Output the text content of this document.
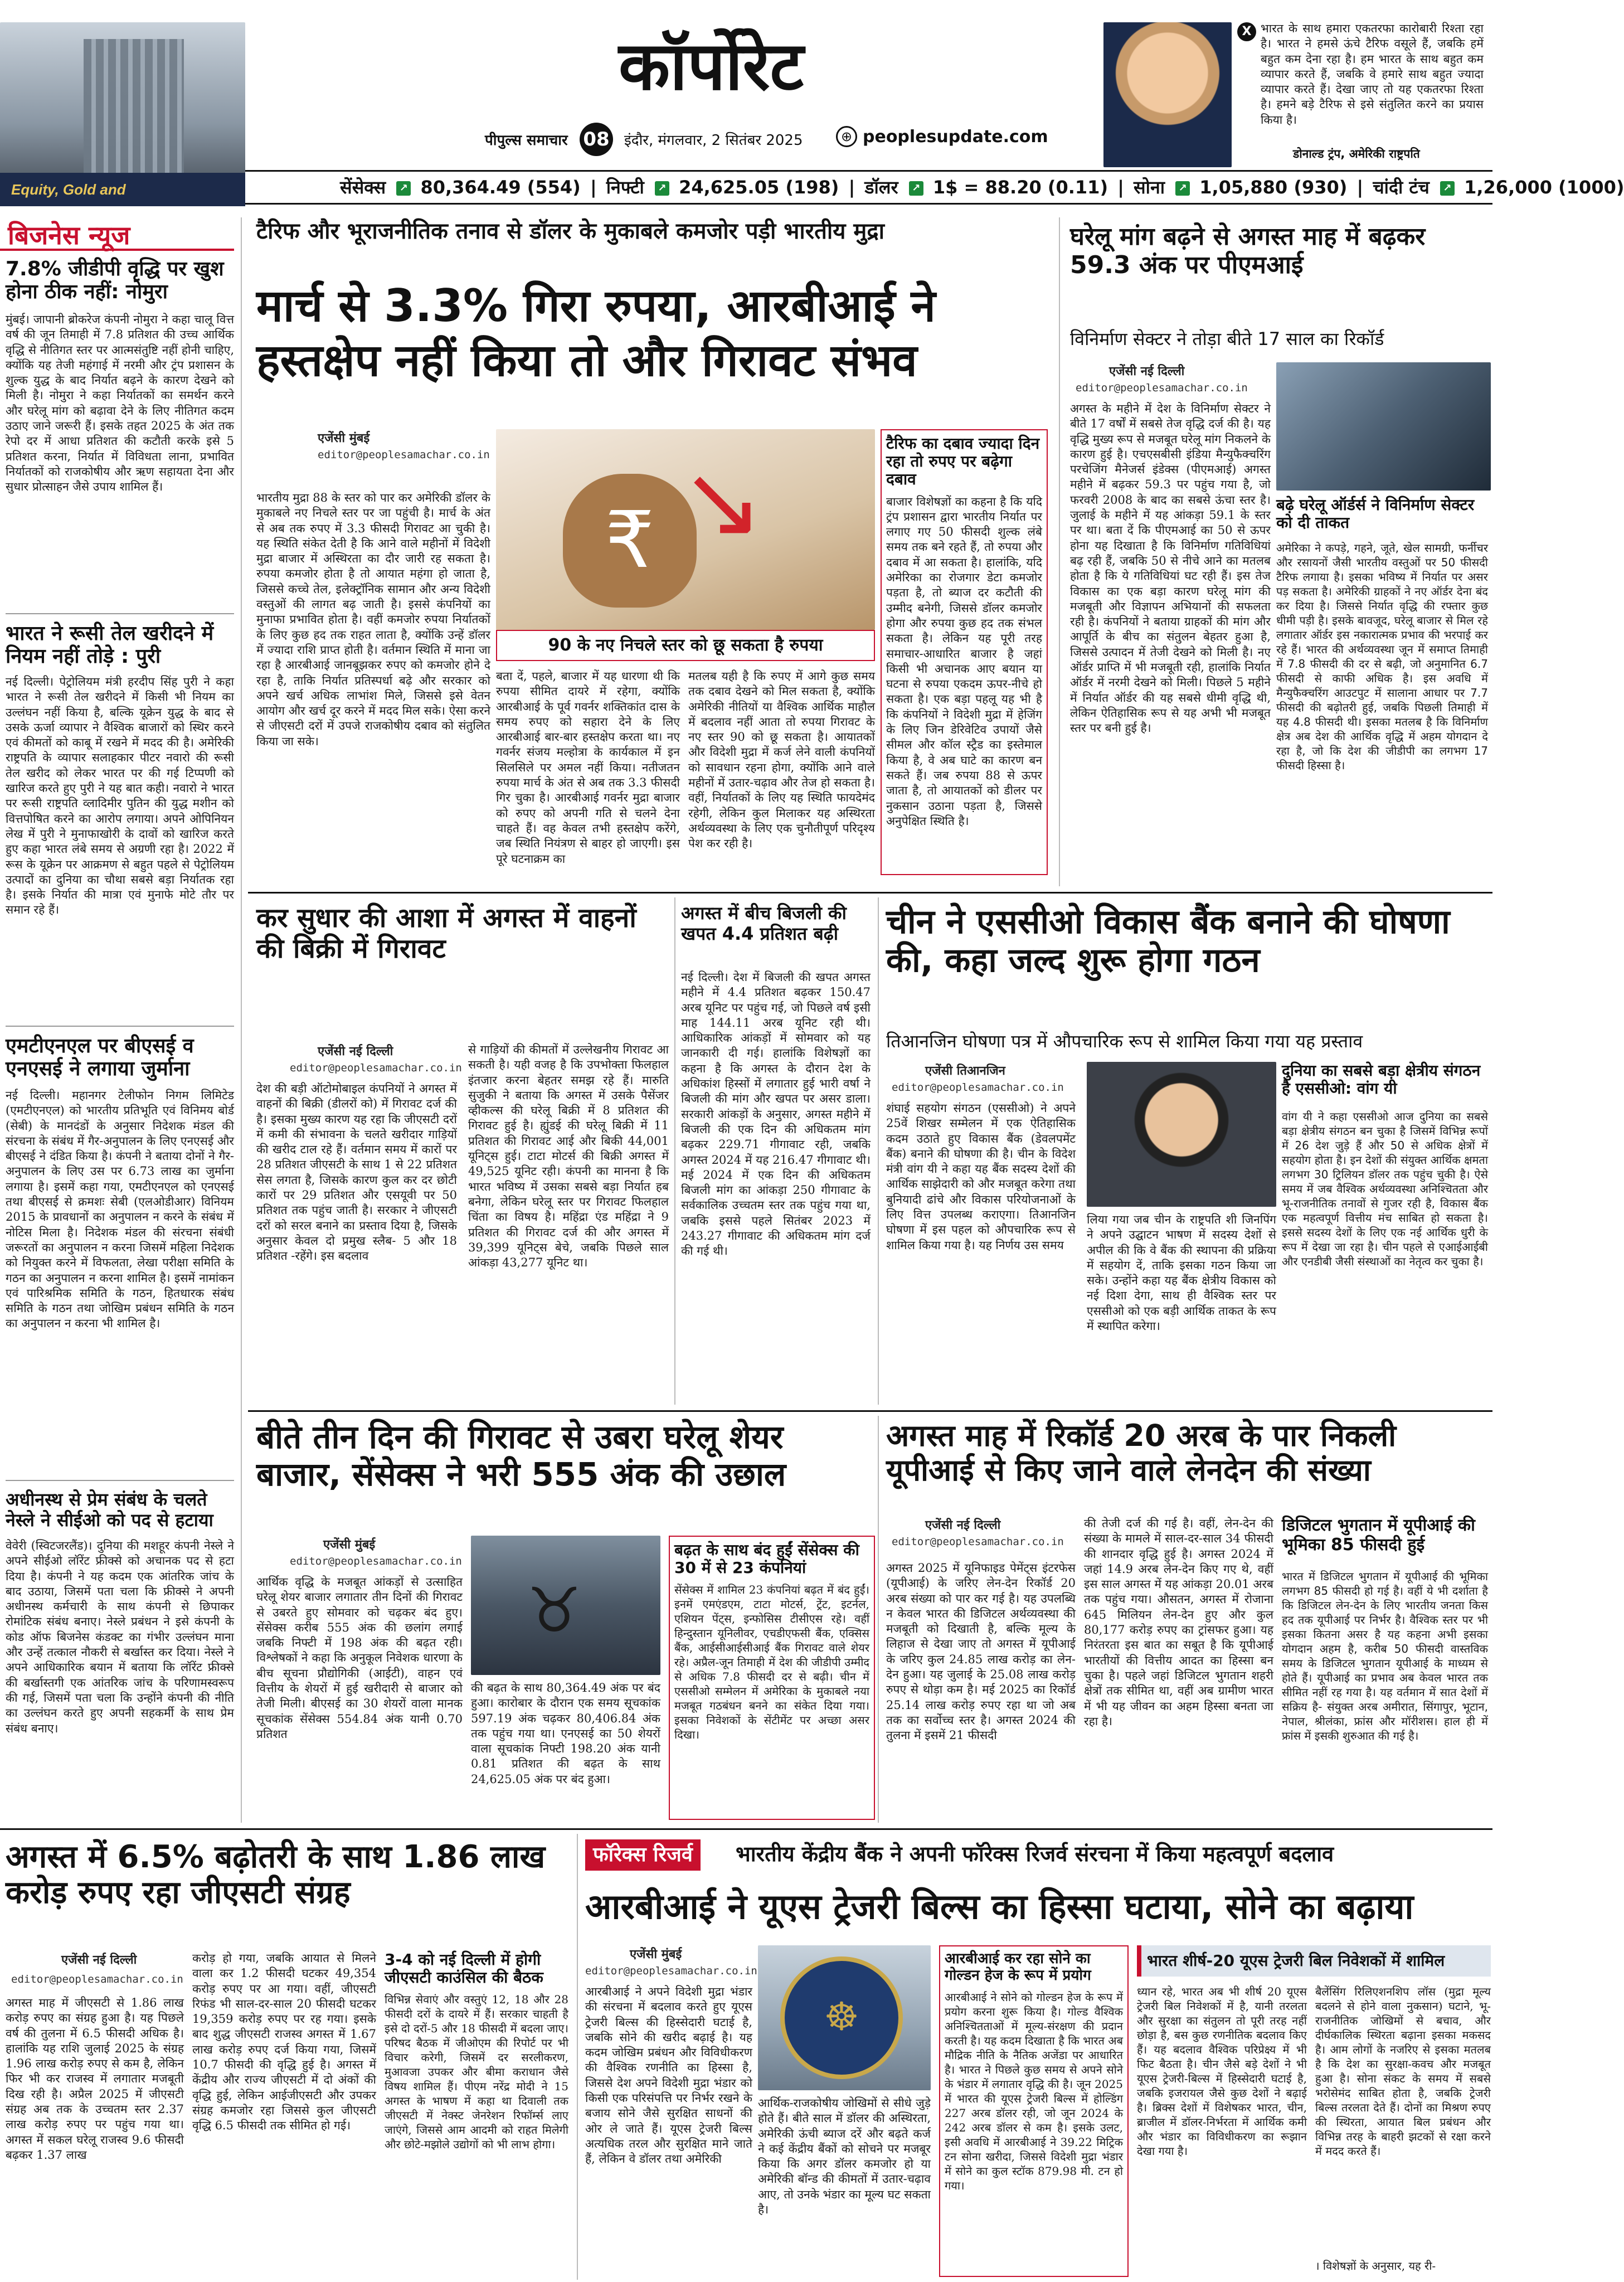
Equity, Gold and
कॉर्पोरेट
पीपुल्स समाचार 08 इंदौर, मंगलवार, 2 सितंबर 2025	⊕ peoplesupdate.com
X भारत के साथ हमारा एकतरफा कारोबारी रिश्ता रहा है। भारत ने हमसे ऊंचे टैरिफ वसूले हैं, जबकि हमें बहुत कम देना रहा है। हम भारत के साथ बहुत कम व्यापार करते हैं, जबकि वे हमारे साथ बहुत ज्यादा व्यापार करते हैं। देखा जाए तो यह एकतरफा रिश्ता है। हमने बड़े टैरिफ से इसे संतुलित करने का प्रयास किया है।
डोनाल्ड ट्रंप, अमेरिकी राष्ट्रपति
सेंसेक्स ↗ 80,364.49 (554) | निफ्टी ↗ 24,625.05 (198) | डॉलर ↗ 1$ = 88.20 (0.11) | सोना ↗ 1,05,880 (930) | चांदी टंच ↗ 1,26,000 (1000)
बिजनेस न्यूज
7.8% जीडीपी वृद्धि पर खुश होना ठीक नहीं: नोमुरा
मुंबई। जापानी ब्रोकरेज कंपनी नोमुरा ने कहा चालू वित्त वर्ष की जून तिमाही में 7.8 प्रतिशत की उच्च आर्थिक वृद्धि से नीतिगत स्तर पर आत्मसंतुष्टि नहीं होनी चाहिए, क्योंकि यह तेजी महंगाई में नरमी और ट्रंप प्रशासन के शुल्क युद्ध के बाद निर्यात बढ़ने के कारण देखने को मिली है। नोमुरा ने कहा निर्यातकों का समर्थन करने और घरेलू मांग को बढ़ावा देने के लिए नीतिगत कदम उठाए जाने जरूरी हैं। इसके तहत 2025 के अंत तक रेपो दर में आधा प्रतिशत की कटौती करके इसे 5 प्रतिशत करना, निर्यात में विविधता लाना, प्रभावित निर्यातकों को राजकोषीय और ऋण सहायता देना और सुधार प्रोत्साहन जैसे उपाय शामिल हैं।
भारत ने रूसी तेल खरीदने में नियम नहीं तोड़े : पुरी
नई दिल्ली। पेट्रोलियम मंत्री हरदीप सिंह पुरी ने कहा भारत ने रूसी तेल खरीदने में किसी भी नियम का उल्लंघन नहीं किया है, बल्कि यूक्रेन युद्ध के बाद से उसके ऊर्जा व्यापार ने वैश्विक बाजारों को स्थिर करने एवं कीमतों को काबू में रखने में मदद की है। अमेरिकी राष्ट्रपति के व्यापार सलाहकार पीटर नवारो की रूसी तेल खरीद को लेकर भारत पर की गई टिप्पणी को खारिज करते हुए पुरी ने यह बात कही। नवारो ने भारत पर रूसी राष्ट्रपति व्लादिमीर पुतिन की युद्ध मशीन को वित्तपोषित करने का आरोप लगाया। अपने ओपिनियन लेख में पुरी ने मुनाफाखोरी के दावों को खारिज करते हुए कहा भारत लंबे समय से अग्रणी रहा है। 2022 में रूस के यूक्रेन पर आक्रमण से बहुत पहले से पेट्रोलियम उत्पादों का दुनिया का चौथा सबसे बड़ा निर्यातक रहा है। इसके निर्यात की मात्रा एवं मुनाफे मोटे तौर पर समान रहे हैं।
एमटीएनएल पर बीएसई व एनएसई ने लगाया जुर्माना
नई दिल्ली। महानगर टेलीफोन निगम लिमिटेड (एमटीएनएल) को भारतीय प्रतिभूति एवं विनिमय बोर्ड (सेबी) के मानदंडों के अनुसार निदेशक मंडल की संरचना के संबंध में गैर-अनुपालन के लिए एनएसई और बीएसई ने दंडित किया है। कंपनी ने बताया दोनों ने गैर-अनुपालन के लिए उस पर 6.73 लाख का जुर्माना लगाया है। इसमें कहा गया, एमटीएनएल को एनएसई तथा बीएसई से क्रमशः सेबी (एलओडीआर) विनियम 2015 के प्रावधानों का अनुपालन न करने के संबंध में नोटिस मिला है। निदेशक मंडल की संरचना संबंधी जरूरतों का अनुपालन न करना जिसमें महिला निदेशक को नियुक्त करने में विफलता, लेखा परीक्षा समिति के गठन का अनुपालन न करना शामिल है। इसमें नामांकन एवं पारिश्रमिक समिति के गठन, हितधारक संबंध समिति के गठन तथा जोखिम प्रबंधन समिति के गठन का अनुपालन न करना भी शामिल है।
अधीनस्थ से प्रेम संबंध के चलते नेस्ले ने सीईओ को पद से हटाया
वेवेरी (स्विटजरलैंड)। दुनिया की मशहूर कंपनी नेस्ले ने अपने सीईओ लॉरेंट फ्रीक्से को अचानक पद से हटा दिया है। कंपनी ने यह कदम एक आंतरिक जांच के बाद उठाया, जिसमें पता चला कि फ्रीक्से ने अपनी अधीनस्थ कर्मचारी के साथ कंपनी से छिपाकर रोमांटिक संबंध बनाए। नेस्ले प्रबंधन ने इसे कंपनी के कोड ऑफ बिजनेस कंडक्ट का गंभीर उल्लंघन माना और उन्हें तत्काल नौकरी से बर्खास्त कर दिया। नेस्ले ने अपने आधिकारिक बयान में बताया कि लॉरेंट फ्रीक्से की बर्खास्तगी एक आंतरिक जांच के परिणामस्वरूप की गई, जिसमें पता चला कि उन्होंने कंपनी की नीति का उल्लंघन करते हुए अपनी सहकर्मी के साथ प्रेम संबंध बनाए।
टैरिफ और भूराजनीतिक तनाव से डॉलर के मुकाबले कमजोर पड़ी भारतीय मुद्रा
मार्च से 3.3% गिरा रुपया, आरबीआई ने हस्तक्षेप नहीं किया तो और गिरावट संभव
एजेंसी मुंबई
editor@peoplesamachar.co.in
भारतीय मुद्रा 88 के स्तर को पार कर अमेरिकी डॉलर के मुकाबले नए निचले स्तर पर जा पहुंची है। मार्च के अंत से अब तक रुपए में 3.3 फीसदी गिरावट आ चुकी है। यह स्थिति संकेत देती है कि आने वाले महीनों में विदेशी मुद्रा बाजार में अस्थिरता का दौर जारी रह सकता है। रुपया कमजोर होता है तो आयात महंगा हो जाता है, जिससे कच्चे तेल, इलेक्ट्रॉनिक सामान और अन्य विदेशी वस्तुओं की लागत बढ़ जाती है। इससे कंपनियों का मुनाफा प्रभावित होता है। वहीं कमजोर रुपया निर्यातकों के लिए कुछ हद तक राहत लाता है, क्योंकि उन्हें डॉलर में ज्यादा राशि प्राप्त होती है। वर्तमान स्थिति में माना जा रहा है आरबीआई जानबूझकर रुपए को कमजोर होने दे रहा है, ताकि निर्यात प्रतिस्पर्धा बढ़े और सरकार को अपने खर्च अधिक लाभांश मिले, जिससे इसे वेतन आयोग और खर्च दूर करने में मदद मिल सके। ऐसा करने से जीएसटी दरों में उपजे राजकोषीय दबाव को संतुलित किया जा सके।
₹ ↘
90 के नए निचले स्तर को छू सकता है रुपया
बता दें, पहले, बाजार में यह धारणा थी कि रुपया सीमित दायरे में रहेगा, क्योंकि आरबीआई के पूर्व गवर्नर शक्तिकांत दास के समय रुपए को सहारा देने के लिए आरबीआई बार-बार हस्तक्षेप करता था। नए गवर्नर संजय मल्होत्रा के कार्यकाल में इन सिलसिले पर अमल नहीं किया। नतीजतन रुपया मार्च के अंत से अब तक 3.3 फीसदी गिर चुका है। आरबीआई गवर्नर मुद्रा बाजार को रुपए को अपनी गति से चलने देना चाहते हैं। वह केवल तभी हस्तक्षेप करेंगे, जब स्थिति नियंत्रण से बाहर हो जाएगी। इस पूरे घटनाक्रम का
मतलब यही है कि रुपए में आगे कुछ समय तक दबाव देखने को मिल सकता है, क्योंकि अमेरिकी नीतियों या वैश्विक आर्थिक माहौल में बदलाव नहीं आता तो रुपया गिरावट के नए स्तर 90 को छू सकता है। आयातकों और विदेशी मुद्रा में कर्ज लेने वाली कंपनियों को सावधान रहना होगा, क्योंकि आने वाले महीनों में उतार-चढ़ाव और तेज हो सकता है। वहीं, निर्यातकों के लिए यह स्थिति फायदेमंद रहेगी, लेकिन कुल मिलाकर यह अस्थिरता अर्थव्यवस्था के लिए एक चुनौतीपूर्ण परिदृश्य पेश कर रही है।
टैरिफ का दबाव ज्यादा दिन रहा तो रुपए पर बढ़ेगा दबाव
बाजार विशेषज्ञों का कहना है कि यदि ट्रंप प्रशासन द्वारा भारतीय निर्यात पर लगाए गए 50 फीसदी शुल्क लंबे समय तक बने रहते हैं, तो रुपया और दबाव में आ सकता है। हालांकि, यदि अमेरिका का रोजगार डेटा कमजोर पड़ता है, तो ब्याज दर कटौती की उम्मीद बनेगी, जिससे डॉलर कमजोर होगा और रुपया कुछ हद तक संभल सकता है। लेकिन यह पूरी तरह समाचार-आधारित बाजार है जहां किसी भी अचानक आए बयान या घटना से रुपया एकदम ऊपर-नीचे हो सकता है। एक बड़ा पहलू यह भी है कि कंपनियों ने विदेशी मुद्रा में हेजिंग के लिए जिन डेरिवेटिव उपायों जैसे सीमल और कॉल स्ट्रैड का इस्तेमाल किया है, वे अब घाटे का कारण बन सकते हैं। जब रुपया 88 से ऊपर जाता है, तो आयातकों को डीलर पर नुकसान उठाना पड़ता है, जिससे अनुपेक्षित स्थिति है।
घरेलू मांग बढ़ने से अगस्त माह में बढ़कर 59.3 अंक पर पीएमआई
विनिर्माण सेक्टर ने तोड़ा बीते 17 साल का रिकॉर्ड
एजेंसी नई दिल्ली
editor@peoplesamachar.co.in
अगस्त के महीने में देश के विनिर्माण सेक्टर ने बीते 17 वर्षों में सबसे तेज वृद्धि दर्ज की है। यह वृद्धि मुख्य रूप से मजबूत घरेलू मांग निकलने के कारण हुई है। एचएसबीसी इंडिया मैन्युफैक्चरिंग परचेजिंग मैनेजर्स इंडेक्स (पीएमआई) अगस्त महीने में बढ़कर 59.3 पर पहुंच गया है, जो फरवरी 2008 के बाद का सबसे ऊंचा स्तर है। जुलाई के महीने में यह आंकड़ा 59.1 के स्तर पर था। बता दें कि पीएमआई का 50 से ऊपर होना यह दिखाता है कि विनिर्माण गतिविधियां बढ़ रही हैं, जबकि 50 से नीचे आने का मतलब होता है कि ये गतिविधियां घट रही हैं। इस तेज विकास का एक बड़ा कारण घरेलू मांग की मजबूती और विज्ञापन अभियानों की सफलता रही है। कंपनियों ने बताया ग्राहकों की मांग और आपूर्ति के बीच का संतुलन बेहतर हुआ है, जिससे उत्पादन में तेजी देखने को मिली है। नए ऑर्डर प्राप्ति में भी मजबूती रही, हालांकि निर्यात ऑर्डर में नरमी देखने को मिली। पिछले 5 महीने में निर्यात ऑर्डर की यह सबसे धीमी वृद्धि थी, लेकिन ऐतिहासिक रूप से यह अभी भी मजबूत स्तर पर बनी हुई है।
बढ़े घरेलू ऑर्डर्स ने विनिर्माण सेक्टर को दी ताकत
अमेरिका ने कपड़े, गहने, जूते, खेल सामग्री, फर्नीचर और रसायनों जैसी भारतीय वस्तुओं पर 50 फीसदी टैरिफ लगाया है। इसका भविष्य में निर्यात पर असर पड़ सकता है। अमेरिकी ग्राहकों ने नए ऑर्डर देना बंद कर दिया है। जिससे निर्यात वृद्धि की रफ्तार कुछ धीमी पड़ी है। इसके बावजूद, घरेलू बाजार से मिल रहे लगातार ऑर्डर इस नकारात्मक प्रभाव की भरपाई कर रहे हैं। भारत की अर्थव्यवस्था जून में समाप्त तिमाही में 7.8 फीसदी की दर से बढ़ी, जो अनुमानित 6.7 फीसदी से काफी अधिक है। इस अवधि में मैन्युफैक्चरिंग आउटपुट में सालाना आधार पर 7.7 फीसदी की बढ़ोतरी हुई, जबकि पिछली तिमाही में यह 4.8 फीसदी थी। इसका मतलब है कि विनिर्माण क्षेत्र अब देश की आर्थिक वृद्धि में अहम योगदान दे रहा है, जो कि देश की जीडीपी का लगभग 17 फीसदी हिस्सा है।
कर सुधार की आशा में अगस्त में वाहनों की बिक्री में गिरावट
एजेंसी नई दिल्ली
editor@peoplesamachar.co.in
देश की बड़ी ऑटोमोबाइल कंपनियों ने अगस्त में वाहनों की बिक्री (डीलरों को) में गिरावट दर्ज की है। इसका मुख्य कारण यह रहा कि जीएसटी दरों में कमी की संभावना के चलते खरीदार गाड़ियों की खरीद टाल रहे हैं। वर्तमान समय में कारों पर 28 प्रतिशत जीएसटी के साथ 1 से 22 प्रतिशत सेस लगता है, जिसके कारण कुल कर दर छोटी कारों पर 29 प्रतिशत और एसयूवी पर 50 प्रतिशत तक पहुंच जाती है। सरकार ने जीएसटी दरों को सरल बनाने का प्रस्ताव दिया है, जिसके अनुसार केवल दो प्रमुख स्लैब- 5 और 18 प्रतिशत -रहेंगे। इस बदलाव
से गाड़ियों की कीमतों में उल्लेखनीय गिरावट आ सकती है। यही वजह है कि उपभोक्ता फिलहाल इंतजार करना बेहतर समझ रहे हैं। मारुति सुजुकी ने बताया कि अगस्त में उसके पैसेंजर व्हीकल्स की घरेलू बिक्री में 8 प्रतिशत की गिरावट हुई है। ह्युंडई की घरेलू बिक्री में 11 प्रतिशत की गिरावट आई और बिकी 44,001 यूनिट्स हुई। टाटा मोटर्स की बिक्री अगस्त में 49,525 यूनिट रही। कंपनी का मानना है कि भारत भविष्य में उसका सबसे बड़ा निर्यात हब बनेगा, लेकिन घरेलू स्तर पर गिरावट फिलहाल चिंता का विषय है। महिंद्रा एंड महिंद्रा ने 9 प्रतिशत की गिरावट दर्ज की और अगस्त में 39,399 यूनिट्स बेचे, जबकि पिछले साल आंकड़ा 43,277 यूनिट था।
अगस्त में बीच बिजली की खपत 4.4 प्रतिशत बढ़ी
नई दिल्ली। देश में बिजली की खपत अगस्त महीने में 4.4 प्रतिशत बढ़कर 150.47 अरब यूनिट पर पहुंच गई, जो पिछले वर्ष इसी माह 144.11 अरब यूनिट रही थी। आधिकारिक आंकड़ों में सोमवार को यह जानकारी दी गई। हालांकि विशेषज्ञों का कहना है कि अगस्त के दौरान देश के अधिकांश हिस्सों में लगातार हुई भारी वर्षा ने बिजली की मांग और खपत पर असर डाला। सरकारी आंकड़ों के अनुसार, अगस्त महीने में बिजली की एक दिन की अधिकतम मांग बढ़कर 229.71 गीगावाट रही, जबकि अगस्त 2024 में यह 216.47 गीगावाट थी। मई 2024 में एक दिन की अधिकतम बिजली मांग का आंकड़ा 250 गीगावाट के सर्वकालिक उच्चतम स्तर तक पहुंच गया था, जबकि इससे पहले सितंबर 2023 में 243.27 गीगावाट की अधिकतम मांग दर्ज की गई थी।
चीन ने एससीओ विकास बैंक बनाने की घोषणा की, कहा जल्द शुरू होगा गठन
तिआनजिन घोषणा पत्र में औपचारिक रूप से शामिल किया गया यह प्रस्ताव
एजेंसी तिआनजिन
editor@peoplesamachar.co.in
शंघाई सहयोग संगठन (एससीओ) ने अपने 25वें शिखर सम्मेलन में एक ऐतिहासिक कदम उठाते हुए विकास बैंक (डेवलपमेंट बैंक) बनाने की घोषणा की है। चीन के विदेश मंत्री वांग यी ने कहा यह बैंक सदस्य देशों की आर्थिक साझेदारी को और मजबूत करेगा तथा बुनियादी ढांचे और विकास परियोजनाओं के लिए वित्त उपलब्ध कराएगा। तिआनजिन घोषणा में इस पहल को औपचारिक रूप से शामिल किया गया है। यह निर्णय उस समय
लिया गया जब चीन के राष्ट्रपति शी जिनपिंग ने अपने उद्घाटन भाषण में सदस्य देशों से अपील की कि वे बैंक की स्थापना की प्रक्रिया में सहयोग दें, ताकि इसका गठन किया जा सके। उन्होंने कहा यह बैंक क्षेत्रीय विकास को नई दिशा देगा, साथ ही वैश्विक स्तर पर एससीओ को एक बड़ी आर्थिक ताकत के रूप में स्थापित करेगा।
दुनिया का सबसे बड़ा क्षेत्रीय संगठन है एससीओ: वांग यी
वांग यी ने कहा एससीओ आज दुनिया का सबसे बड़ा क्षेत्रीय संगठन बन चुका है जिसमें विभिन्न रूपों में 26 देश जुड़े हैं और 50 से अधिक क्षेत्रों में सहयोग होता है। इन देशों की संयुक्त आर्थिक क्षमता लगभग 30 ट्रिलियन डॉलर तक पहुंच चुकी है। ऐसे समय में जब वैश्विक अर्थव्यवस्था अनिश्चितता और भू-राजनीतिक तनावों से गुजर रही है, विकास बैंक एक महत्वपूर्ण वित्तीय मंच साबित हो सकता है। इससे सदस्य देशों के लिए एक नई आर्थिक धुरी के रूप में देखा जा रहा है। चीन पहले से एआईआईबी और एनडीबी जैसी संस्थाओं का नेतृत्व कर चुका है।
बीते तीन दिन की गिरावट से उबरा घरेलू शेयर बाजार, सेंसेक्स ने भरी 555 अंक की उछाल
एजेंसी मुंबई
editor@peoplesamachar.co.in
आर्थिक वृद्धि के मजबूत आंकड़ों से उत्साहित घरेलू शेयर बाजार लगातार तीन दिनों की गिरावट से उबरते हुए सोमवार को चढ़कर बंद हुए। सेंसेक्स करीब 555 अंक की छलांग लगाई जबकि निफ्टी में 198 अंक की बढ़त रही। विश्लेषकों ने कहा कि अनुकूल निवेशक धारणा के बीच सूचना प्रौद्योगिकी (आईटी), वाहन एवं वित्तीय के शेयरों में हुई खरीदारी से बाजार को तेजी मिली। बीएसई का 30 शेयरों वाला मानक सूचकांक सेंसेक्स 554.84 अंक यानी 0.70 प्रतिशत
♉
की बढ़त के साथ 80,364.49 अंक पर बंद हुआ। कारोबार के दौरान एक समय सूचकांक 597.19 अंक चढ़कर 80,406.84 अंक तक पहुंच गया था। एनएसई का 50 शेयरों वाला सूचकांक निफ्टी 198.20 अंक यानी 0.81 प्रतिशत की बढ़त के साथ 24,625.05 अंक पर बंद हुआ।
बढ़त के साथ बंद हुईं सेंसेक्स की 30 में से 23 कंपनियां
सेंसेक्स में शामिल 23 कंपनियां बढ़त में बंद हुईं। इनमें एमएंडएम, टाटा मोटर्स, ट्रेंट, इटर्नल, एशियन पेंट्स, इन्फोसिस टीसीएस रहे। वहीं हिन्दुस्तान यूनिलीवर, एचडीएफसी बैंक, एक्सिस बैंक, आईसीआईसीआई बैंक गिरावट वाले शेयर रहे। अप्रैल-जून तिमाही में देश की जीडीपी उम्मीद से अधिक 7.8 फीसदी दर से बढ़ी। चीन में एससीओ सम्मेलन में अमेरिका के मुकाबले नया मजबूत गठबंधन बनने का संकेत दिया गया। इसका निवेशकों के सेंटीमेंट पर अच्छा असर दिखा।
अगस्त माह में रिकॉर्ड 20 अरब के पार निकली यूपीआई से किए जाने वाले लेनदेन की संख्या
एजेंसी नई दिल्ली
editor@peoplesamachar.co.in
अगस्त 2025 में यूनिफाइड पेमेंट्स इंटरफेस (यूपीआई) के जरिए लेन-देन रिकॉर्ड 20 अरब संख्या को पार कर गई है। यह उपलब्धि न केवल भारत की डिजिटल अर्थव्यवस्था की मजबूती को दिखाती है, बल्कि मूल्य के लिहाज से देखा जाए तो अगस्त में यूपीआई के जरिए कुल 24.85 लाख करोड़ का लेन-देन हुआ। यह जुलाई के 25.08 लाख करोड़ रुपए से थोड़ा कम है। मई 2025 का रिकॉर्ड 25.14 लाख करोड़ रुपए रहा था जो अब तक का सर्वोच्च स्तर है। अगस्त 2024 की तुलना में इसमें 21 फीसदी
की तेजी दर्ज की गई है। वहीं, लेन-देन की संख्या के मामले में साल-दर-साल 34 फीसदी की शानदार वृद्धि हुई है। अगस्त 2024 में जहां 14.9 अरब लेन-देन किए गए थे, वहीं इस साल अगस्त में यह आंकड़ा 20.01 अरब तक पहुंच गया। औसतन, अगस्त में रोजाना 645 मिलियन लेन-देन हुए और कुल 80,177 करोड़ रुपए का ट्रांसफर हुआ। यह निरंतरता इस बात का सबूत है कि यूपीआई भारतीयों की वित्तीय आदत का हिस्सा बन चुका है। पहले जहां डिजिटल भुगतान शहरी क्षेत्रों तक सीमित था, वहीं अब ग्रामीण भारत में भी यह जीवन का अहम हिस्सा बनता जा रहा है।
डिजिटल भुगतान में यूपीआई की भूमिका 85 फीसदी हुई
भारत में डिजिटल भुगतान में यूपीआई की भूमिका लगभग 85 फीसदी हो गई है। वहीं ये भी दर्शाता है कि डिजिटल लेन-देन के लिए भारतीय जनता किस हद तक यूपीआई पर निर्भर है। वैश्विक स्तर पर भी इसका कितना असर है यह कहना अभी इसका योगदान अहम है, करीब 50 फीसदी वास्तविक समय के डिजिटल भुगतान यूपीआई के माध्यम से होते हैं। यूपीआई का प्रभाव अब केवल भारत तक सीमित नहीं रह गया है। यह वर्तमान में सात देशों में सक्रिय है- संयुक्त अरब अमीरात, सिंगापुर, भूटान, नेपाल, श्रीलंका, फ्रांस और मॉरीशस। हाल ही में फ्रांस में इसकी शुरुआत की गई है।
अगस्त में 6.5% बढ़ोतरी के साथ 1.86 लाख करोड़ रुपए रहा जीएसटी संग्रह
एजेंसी नई दिल्ली
editor@peoplesamachar.co.in
अगस्त माह में जीएसटी से 1.86 लाख करोड़ रुपए का संग्रह हुआ है। यह पिछले वर्ष की तुलना में 6.5 फीसदी अधिक है। हालांकि यह राशि जुलाई 2025 के संग्रह 1.96 लाख करोड़ रुपए से कम है, लेकिन फिर भी कर राजस्व में लगातार मजबूती दिख रही है। अप्रैल 2025 में जीएसटी संग्रह अब तक के उच्चतम स्तर 2.37 लाख करोड़ रुपए पर पहुंच गया था। अगस्त में सकल घरेलू राजस्व 9.6 फीसदी बढ़कर 1.37 लाख
करोड़ हो गया, जबकि आयात से मिलने वाला कर 1.2 फीसदी घटकर 49,354 करोड़ रुपए पर आ गया। वहीं, जीएसटी रिफंड भी साल-दर-साल 20 फीसदी घटकर 19,359 करोड़ रुपए पर रह गया। इसके बाद शुद्ध जीएसटी राजस्व अगस्त में 1.67 लाख करोड़ रुपए दर्ज किया गया, जिसमें 10.7 फीसदी की वृद्धि हुई है। अगस्त में केंद्रीय और राज्य जीएसटी में दो अंकों की वृद्धि हुई, लेकिन आईजीएसटी और उपकर संग्रह कमजोर रहा जिससे कुल जीएसटी वृद्धि 6.5 फीसदी तक सीमित हो गई।
3-4 को नई दिल्ली में होगी जीएसटी काउंसिल की बैठक
विभिन्न सेवाएं और वस्तुएं 12, 18 और 28 फीसदी दरों के दायरे में हैं। सरकार चाहती है इसे दो दरों-5 और 18 फीसदी में बदला जाए। परिषद बैठक में जीओएम की रिपोर्ट पर भी विचार करेगी, जिसमें दर सरलीकरण, मुआवजा उपकर और बीमा कराधान जैसे विषय शामिल हैं। पीएम नरेंद्र मोदी ने 15 अगस्त के भाषण में कहा था दिवाली तक जीएसटी में नेक्स्ट जेनरेशन रिफॉर्म्स लाए जाएंगे, जिससे आम आदमी को राहत मिलेगी और छोटे-मझोले उद्योगों को भी लाभ होगा।
फॉरेक्स रिजर्व	भारतीय केंद्रीय बैंक ने अपनी फॉरेक्स रिजर्व संरचना में किया महत्वपूर्ण बदलाव
आरबीआई ने यूएस ट्रेजरी बिल्स का हिस्सा घटाया, सोने का बढ़ाया
एजेंसी मुंबई
editor@peoplesamachar.co.in
आरबीआई ने अपने विदेशी मुद्रा भंडार की संरचना में बदलाव करते हुए यूएस ट्रेजरी बिल्स की हिस्सेदारी घटाई है, जबकि सोने की खरीद बढ़ाई है। यह कदम जोखिम प्रबंधन और विविधीकरण की वैश्विक रणनीति का हिस्सा है, जिससे देश अपने विदेशी मुद्रा भंडार को किसी एक परिसंपत्ति पर निर्भर रखने के बजाय सोने जैसे सुरक्षित साधनों की ओर ले जाते हैं। यूएस ट्रेजरी बिल्स अत्यधिक तरल और सुरक्षित माने जाते हैं, लेकिन वे डॉलर तथा अमेरिकी
☸
आर्थिक-राजकोषीय जोखिमों से सीधे जुड़े होते हैं। बीते साल में डॉलर की अस्थिरता, अमेरिकी ऊंची ब्याज दरें और बढ़ते कर्ज ने कई केंद्रीय बैंकों को सोचने पर मजबूर किया कि अगर डॉलर कमजोर हो या अमेरिकी बॉन्ड की कीमतों में उतार-चढ़ाव आए, तो उनके भंडार का मूल्य घट सकता है।
आरबीआई कर रहा सोने का गोल्डन हेज के रूप में प्रयोग
आरबीआई ने सोने को गोल्डन हेज के रूप में प्रयोग करना शुरू किया है। गोल्ड वैश्विक अनिश्चितताओं में मूल्य-संरक्षण की प्रदान करती है। यह कदम दिखाता है कि भारत अब मौद्रिक नीति के नैतिक अजेंडा पर आधारित है। भारत ने पिछले कुछ समय से अपने सोने के भंडार में लगातार वृद्धि की है। जून 2025 में भारत की यूएस ट्रेजरी बिल्स में होल्डिंग 227 अरब डॉलर रही, जो जून 2024 के 242 अरब डॉलर से कम है। इसके उलट, इसी अवधि में आरबीआई ने 39.22 मिट्रिक टन सोना खरीदा, जिससे विदेशी मुद्रा भंडार में सोने का कुल स्टॉक 879.98 मी. टन हो गया।
भारत शीर्ष-20 यूएस ट्रेजरी बिल निवेशकों में शामिल
ध्यान रहे, भारत अब भी शीर्ष 20 यूएस ट्रेजरी बिल निवेशकों में है, यानी तरलता और सुरक्षा का संतुलन तो पूरी तरह नहीं छोड़ा है, बस कुछ रणनीतिक बदलाव किए हैं। यह बदलाव वैश्विक परिप्रेक्ष्य में भी फिट बैठता है। चीन जैसे बड़े देशों ने भी यूएस ट्रेजरी-बिल्स में हिस्सेदारी घटाई है, जबकि इजरायल जैसे कुछ देशों ने बढ़ाई है। ब्रिक्स देशों में विशेषकर भारत, चीन, ब्राजील में डॉलर-निर्भरता में आर्थिक कमी और भंडार का विविधीकरण का रूझान देखा गया है।
बैलेंसिंग रिलिएशनशिप लॉस (मुद्रा मूल्य बदलने से होने वाला नुकसान) घटाने, भू-राजनीतिक जोखिमों से बचाव, और दीर्घकालिक स्थिरता बढ़ाना इसका मकसद है। आम लोगों के नजरिए से इसका मतलब है कि देश का सुरक्षा-कवच और मजबूत हुआ है। सोना संकट के समय में सबसे भरोसेमंद साबित होता है, जबकि ट्रेजरी बिल्स तरलता देते हैं। दोनों का मिश्रण रुपए की स्थिरता, आयात बिल प्रबंधन और विभिन्न तरह के बाहरी झटकों से रक्षा करने में मदद करते हैं।
। विशेषज्ञों के अनुसार, यह री-
